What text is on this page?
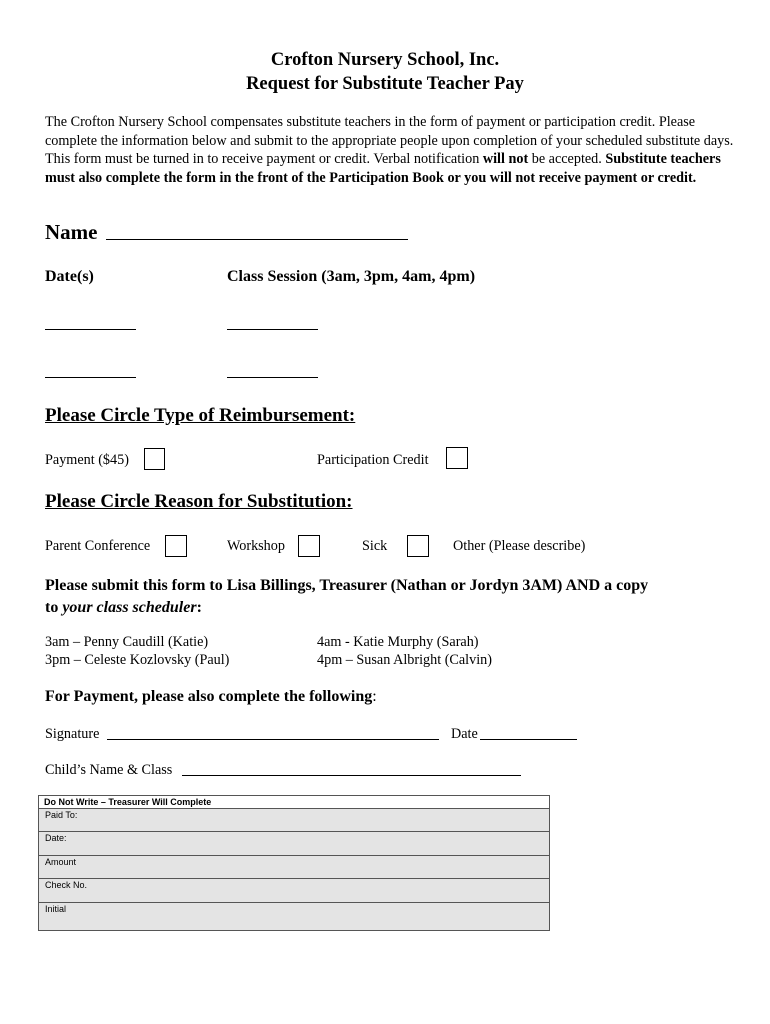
Crofton Nursery School, Inc.
Request for Substitute Teacher Pay
The Crofton Nursery School compensates substitute teachers in the form of payment or participation credit. Please complete the information below and submit to the appropriate people upon completion of your scheduled substitute days. This form must be turned in to receive payment or credit. Verbal notification will not be accepted. Substitute teachers must also complete the form in the front of the Participation Book or you will not receive payment or credit.
Name
Date(s)	Class Session (3am, 3pm, 4am, 4pm)
Please Circle Type of Reimbursement:
Payment ($45)	Participation Credit
Please Circle Reason for Substitution:
Parent Conference	Workshop	Sick	Other (Please describe)
Please submit this form to Lisa Billings, Treasurer (Nathan or Jordyn 3AM) AND a copy
to your class scheduler:
3am – Penny Caudill (Katie)
3pm – Celeste Kozlovsky (Paul)
4am - Katie Murphy (Sarah)
4pm – Susan Albright (Calvin)
For Payment, please also complete the following:
Signature	Date
Child’s Name & Class
Do Not Write – Treasurer Will Complete
Paid To:
Date:
Amount
Check No.
Initial
